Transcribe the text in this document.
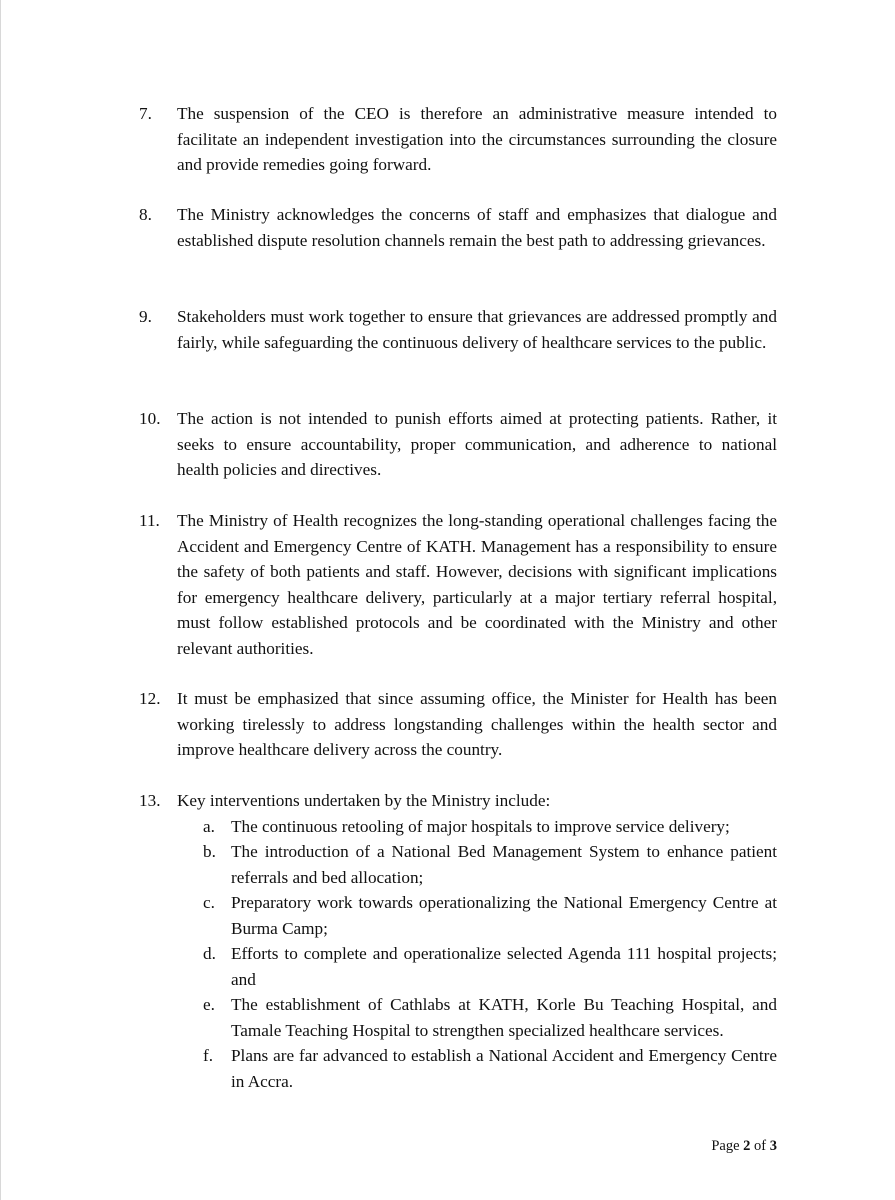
7. The suspension of the CEO is therefore an administrative measure intended to facilitate an independent investigation into the circumstances surrounding the closure and provide remedies going forward.
8. The Ministry acknowledges the concerns of staff and emphasizes that dialogue and established dispute resolution channels remain the best path to addressing grievances.
9. Stakeholders must work together to ensure that grievances are addressed promptly and fairly, while safeguarding the continuous delivery of healthcare services to the public.
10. The action is not intended to punish efforts aimed at protecting patients. Rather, it seeks to ensure accountability, proper communication, and adherence to national health policies and directives.
11. The Ministry of Health recognizes the long-standing operational challenges facing the Accident and Emergency Centre of KATH. Management has a responsibility to ensure the safety of both patients and staff. However, decisions with significant implications for emergency healthcare delivery, particularly at a major tertiary referral hospital, must follow established protocols and be coordinated with the Ministry and other relevant authorities.
12. It must be emphasized that since assuming office, the Minister for Health has been working tirelessly to address longstanding challenges within the health sector and improve healthcare delivery across the country.
13. Key interventions undertaken by the Ministry include:
a. The continuous retooling of major hospitals to improve service delivery;
b. The introduction of a National Bed Management System to enhance patient referrals and bed allocation;
c. Preparatory work towards operationalizing the National Emergency Centre at Burma Camp;
d. Efforts to complete and operationalize selected Agenda 111 hospital projects; and
e. The establishment of Cathlabs at KATH, Korle Bu Teaching Hospital, and Tamale Teaching Hospital to strengthen specialized healthcare services.
f. Plans are far advanced to establish a National Accident and Emergency Centre in Accra.
Page 2 of 3
